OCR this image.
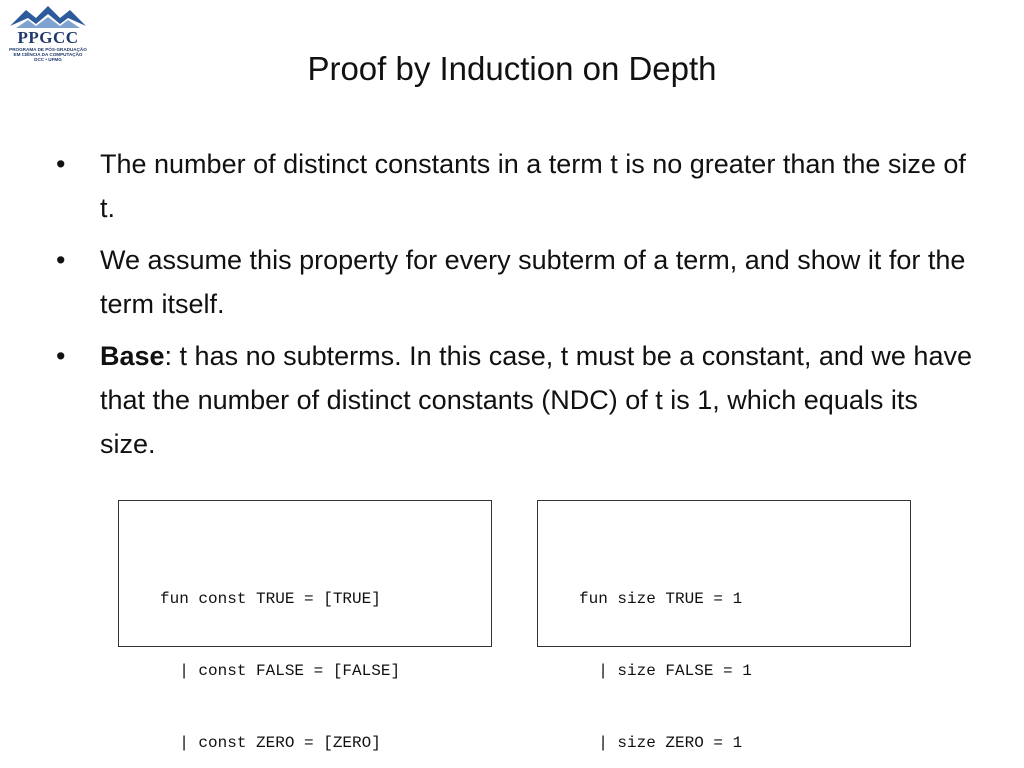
PPGCC
PROGRAMA DE PÓS-GRADUAÇÃO
EM CIÊNCIA DA COMPUTAÇÃO
DCC • UFMG	Proof by Induction on Depth
•	The number of distinct constants in a term t is no greater than the size of t.
•	We assume this property for every subterm of a term, and show it for the term itself.
•	Base: t has no subterms. In this case, t must be a constant, and we have that the number of distinct constants (NDC) of t is 1, which equals its size.

fun const TRUE = [TRUE]

| const FALSE = [FALSE]

| const ZERO = [ZERO]

fun size TRUE = 1

| size FALSE = 1

| size ZERO = 1
